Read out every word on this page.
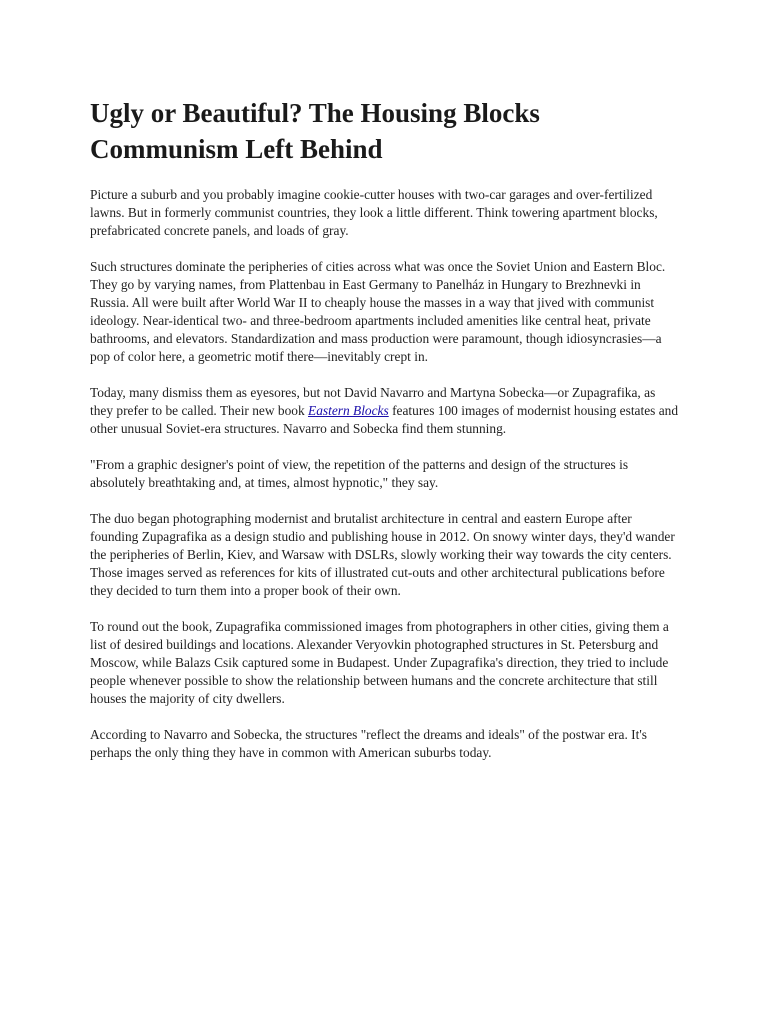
Ugly or Beautiful? The Housing Blocks Communism Left Behind

Picture a suburb and you probably imagine cookie-cutter houses with two-car garages and over-fertilized lawns. But in formerly communist countries, they look a little different. Think towering apartment blocks, prefabricated concrete panels, and loads of gray.

Such structures dominate the peripheries of cities across what was once the Soviet Union and Eastern Bloc. They go by varying names, from Plattenbau in East Germany to Panelház in Hungary to Brezhnevki in Russia. All were built after World War II to cheaply house the masses in a way that jived with communist ideology. Near-identical two- and three-bedroom apartments included amenities like central heat, private bathrooms, and elevators. Standardization and mass production were paramount, though idiosyncrasies—a pop of color here, a geometric motif there—inevitably crept in.

Today, many dismiss them as eyesores, but not David Navarro and Martyna Sobecka—or Zupagrafika, as they prefer to be called. Their new book Eastern Blocks features 100 images of modernist housing estates and other unusual Soviet-era structures. Navarro and Sobecka find them stunning.

"From a graphic designer's point of view, the repetition of the patterns and design of the structures is absolutely breathtaking and, at times, almost hypnotic," they say.

The duo began photographing modernist and brutalist architecture in central and eastern Europe after founding Zupagrafika as a design studio and publishing house in 2012. On snowy winter days, they'd wander the peripheries of Berlin, Kiev, and Warsaw with DSLRs, slowly working their way towards the city centers. Those images served as references for kits of illustrated cut-outs and other architectural publications before they decided to turn them into a proper book of their own.

To round out the book, Zupagrafika commissioned images from photographers in other cities, giving them a list of desired buildings and locations. Alexander Veryovkin photographed structures in St. Petersburg and Moscow, while Balazs Csik captured some in Budapest. Under Zupagrafika's direction, they tried to include people whenever possible to show the relationship between humans and the concrete architecture that still houses the majority of city dwellers.

According to Navarro and Sobecka, the structures "reflect the dreams and ideals" of the postwar era. It's perhaps the only thing they have in common with American suburbs today.
